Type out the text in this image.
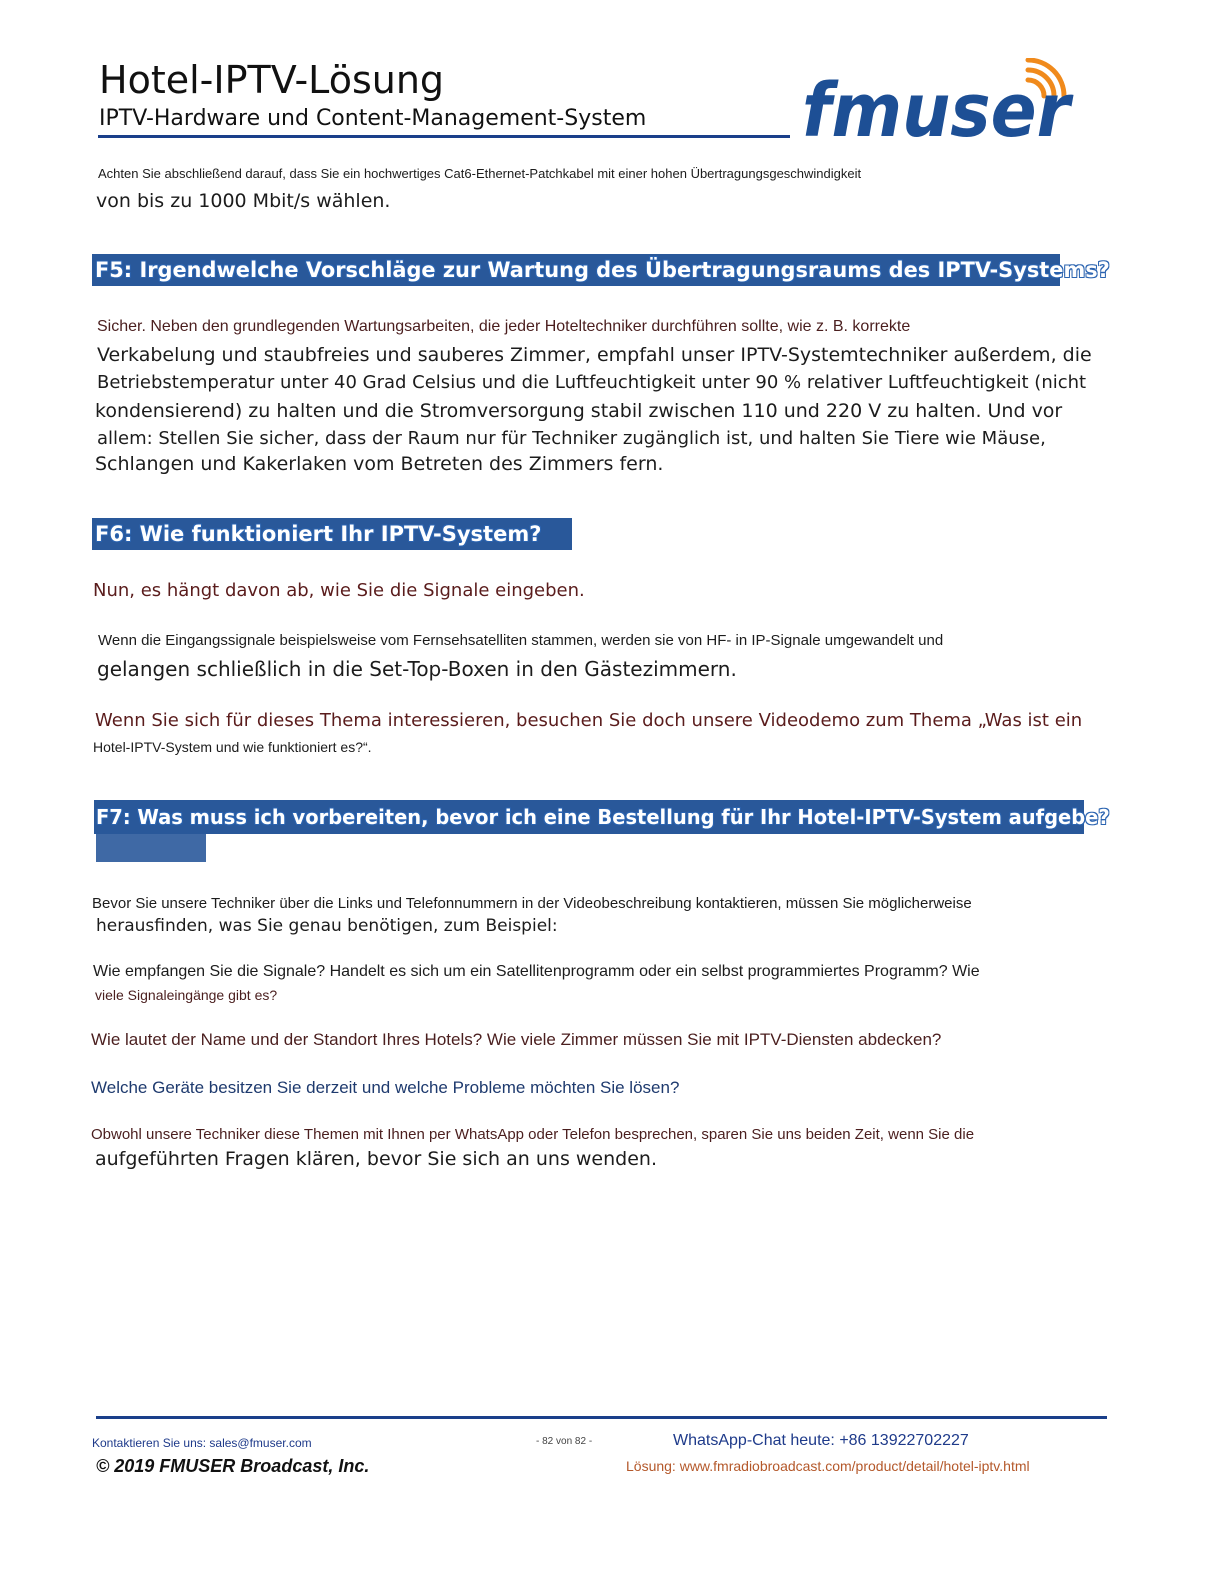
Hotel-IPTV-Lösung
IPTV-Hardware und Content-Management-System fmuser
Achten Sie abschließend darauf, dass Sie ein hochwertiges Cat6-Ethernet-Patchkabel mit einer hohen Übertragungsgeschwindigkeit
von bis zu 1000 Mbit/s wählen.
F5: Irgendwelche Vorschläge zur Wartung des Übertragungsraums des IPTV-Systems?
Sicher. Neben den grundlegenden Wartungsarbeiten, die jeder Hoteltechniker durchführen sollte, wie z. B. korrekte
Verkabelung und staubfreies und sauberes Zimmer, empfahl unser IPTV-Systemtechniker außerdem, die
Betriebstemperatur unter 40 Grad Celsius und die Luftfeuchtigkeit unter 90 % relativer Luftfeuchtigkeit (nicht
kondensierend) zu halten und die Stromversorgung stabil zwischen 110 und 220 V zu halten. Und vor
allem: Stellen Sie sicher, dass der Raum nur für Techniker zugänglich ist, und halten Sie Tiere wie Mäuse,
Schlangen und Kakerlaken vom Betreten des Zimmers fern.
F6: Wie funktioniert Ihr IPTV-System?
Nun, es hängt davon ab, wie Sie die Signale eingeben.
Wenn die Eingangssignale beispielsweise vom Fernsehsatelliten stammen, werden sie von HF- in IP-Signale umgewandelt und
gelangen schließlich in die Set-Top-Boxen in den Gästezimmern.
Wenn Sie sich für dieses Thema interessieren, besuchen Sie doch unsere Videodemo zum Thema „Was ist ein
Hotel-IPTV-System und wie funktioniert es?“.
F7: Was muss ich vorbereiten, bevor ich eine Bestellung für Ihr Hotel-IPTV-System aufgebe?
Bevor Sie unsere Techniker über die Links und Telefonnummern in der Videobeschreibung kontaktieren, müssen Sie möglicherweise
herausfinden, was Sie genau benötigen, zum Beispiel:
Wie empfangen Sie die Signale? Handelt es sich um ein Satellitenprogramm oder ein selbst programmiertes Programm? Wie
viele Signaleingänge gibt es?
Wie lautet der Name und der Standort Ihres Hotels? Wie viele Zimmer müssen Sie mit IPTV-Diensten abdecken?
Welche Geräte besitzen Sie derzeit und welche Probleme möchten Sie lösen?
Obwohl unsere Techniker diese Themen mit Ihnen per WhatsApp oder Telefon besprechen, sparen Sie uns beiden Zeit, wenn Sie die
aufgeführten Fragen klären, bevor Sie sich an uns wenden.
Kontaktieren Sie uns: sales@fmuser.com	- 82 von 82 -	WhatsApp-Chat heute: +86 13922702227
© 2019 FMUSER Broadcast, Inc.	Lösung: www.fmradiobroadcast.com/product/detail/hotel-iptv.html
